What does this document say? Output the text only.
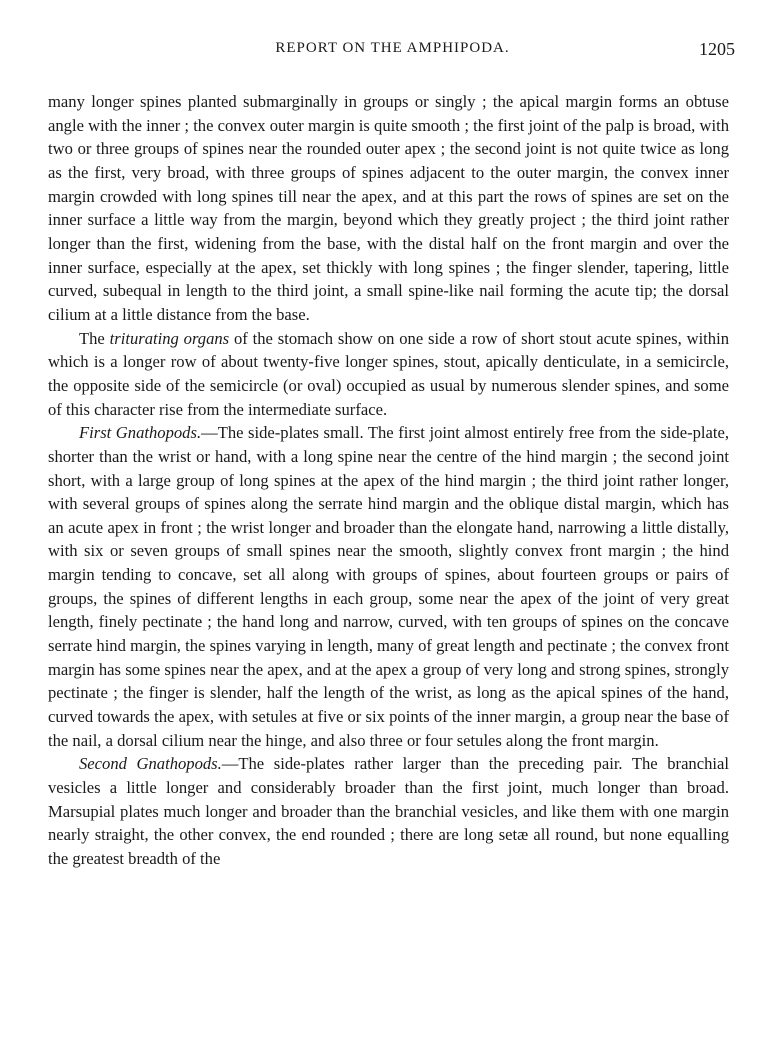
REPORT ON THE AMPHIPODA.	1205

many longer spines planted submarginally in groups or singly ; the apical margin forms an obtuse angle with the inner ; the convex outer margin is quite smooth ; the first joint of the palp is broad, with two or three groups of spines near the rounded outer apex ; the second joint is not quite twice as long as the first, very broad, with three groups of spines adjacent to the outer margin, the convex inner margin crowded with long spines till near the apex, and at this part the rows of spines are set on the inner surface a little way from the margin, beyond which they greatly project ; the third joint rather longer than the first, widening from the base, with the distal half on the front margin and over the inner surface, especially at the apex, set thickly with long spines ; the finger slender, tapering, little curved, subequal in length to the third joint, a small spine-like nail forming the acute tip; the dorsal cilium at a little distance from the base.

The triturating organs of the stomach show on one side a row of short stout acute spines, within which is a longer row of about twenty-five longer spines, stout, apically denticulate, in a semicircle, the opposite side of the semicircle (or oval) occupied as usual by numerous slender spines, and some of this character rise from the intermediate surface.

First Gnathopods.—The side-plates small. The first joint almost entirely free from the side-plate, shorter than the wrist or hand, with a long spine near the centre of the hind margin ; the second joint short, with a large group of long spines at the apex of the hind margin ; the third joint rather longer, with several groups of spines along the serrate hind margin and the oblique distal margin, which has an acute apex in front ; the wrist longer and broader than the elongate hand, narrowing a little distally, with six or seven groups of small spines near the smooth, slightly convex front margin ; the hind margin tending to concave, set all along with groups of spines, about fourteen groups or pairs of groups, the spines of different lengths in each group, some near the apex of the joint of very great length, finely pectinate ; the hand long and narrow, curved, with ten groups of spines on the concave serrate hind margin, the spines varying in length, many of great length and pectinate ; the convex front margin has some spines near the apex, and at the apex a group of very long and strong spines, strongly pectinate ; the finger is slender, half the length of the wrist, as long as the apical spines of the hand, curved towards the apex, with setules at five or six points of the inner margin, a group near the base of the nail, a dorsal cilium near the hinge, and also three or four setules along the front margin.

Second Gnathopods.—The side-plates rather larger than the preceding pair. The branchial vesicles a little longer and considerably broader than the first joint, much longer than broad. Marsupial plates much longer and broader than the branchial vesicles, and like them with one margin nearly straight, the other convex, the end rounded ; there are long setæ all round, but none equalling the greatest breadth of the
